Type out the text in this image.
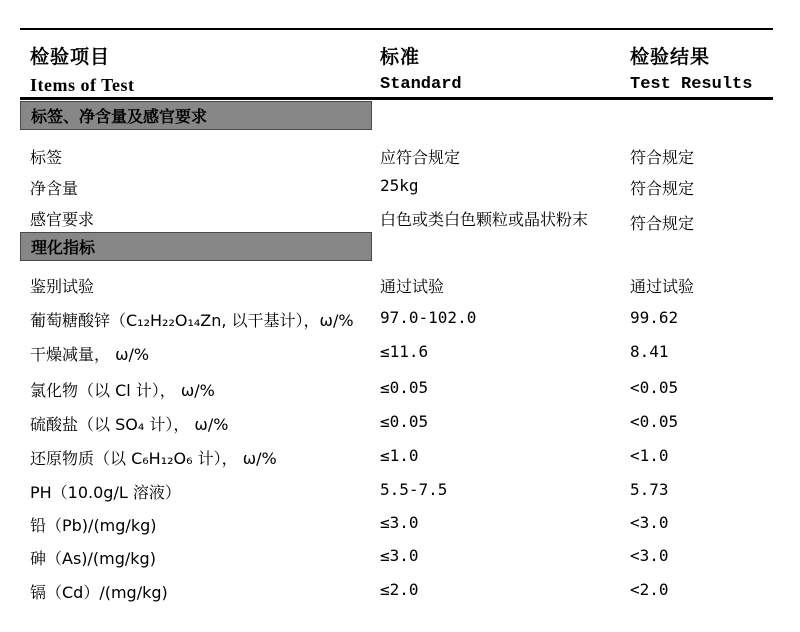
检验项目	标准	检验结果
Items of Test	Standard	Test Results
标签、净含量及感官要求
标签	应符合规定	符合规定
净含量	25kg	符合规定
感官要求	白色或类白色颗粒或晶状粉末	符合规定
理化指标
鉴别试验	通过试验	通过试验
葡萄糖酸锌（C₁₂H₂₂O₁₄Zn, 以干基计），ω/%	97.0-102.0	99.62
干燥减量， ω/%	≤11.6	8.41
氯化物（以 Cl 计）， ω/%	≤0.05	<0.05
硫酸盐（以 SO₄ 计）， ω/%	≤0.05	<0.05
还原物质（以 C₆H₁₂O₆ 计）， ω/%	≤1.0	<1.0
PH（10.0g/L 溶液）	5.5-7.5	5.73
铅（Pb)/(mg/kg)	≤3.0	<3.0
砷（As)/(mg/kg)	≤3.0	<3.0
镉（Cd）/(mg/kg)	≤2.0	<2.0
